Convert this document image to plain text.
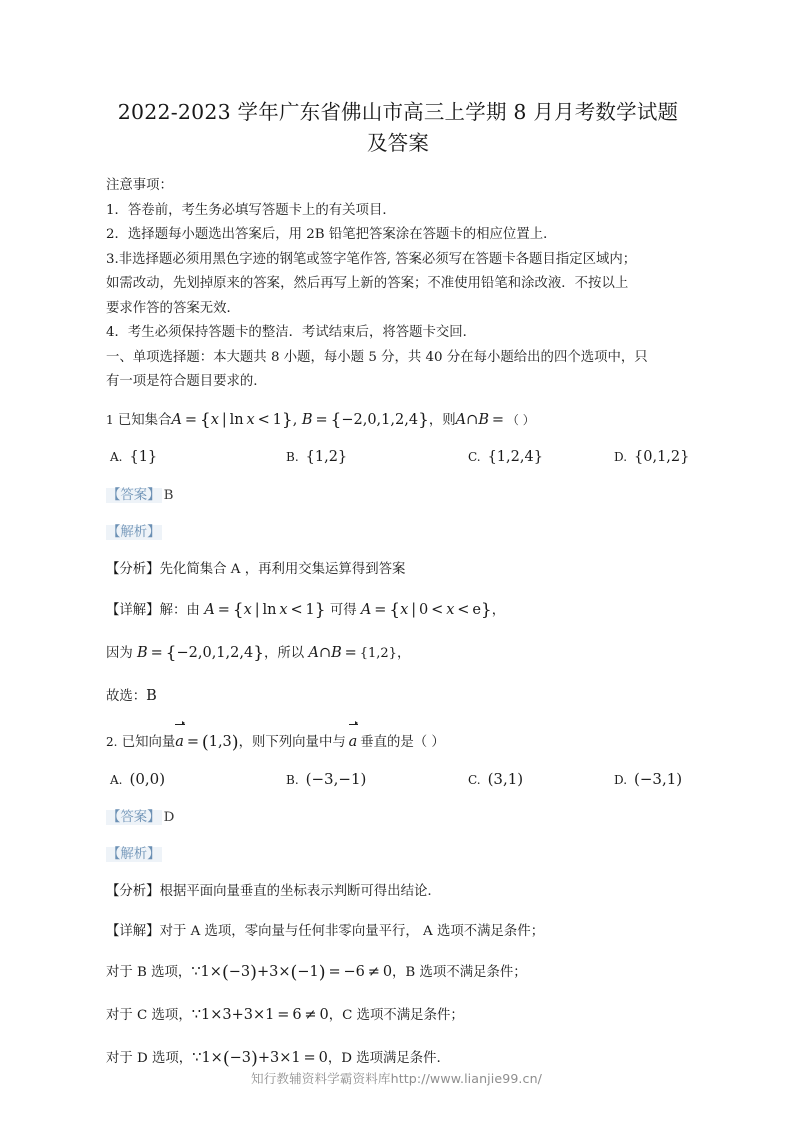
2022-2023 学年广东省佛山市高三上学期 8 月月考数学试题
及答案

注意事项：

1．答卷前，考生务必填写答题卡上的有关项目．

2．选择题每小题选出答案后，用 2B 铅笔把答案涂在答题卡的相应位置上．

3.非选择题必须用黑色字迹的钢笔或签字笔作答, 答案必须写在答题卡各题目指定区域内；

如需改动，先划掉原来的答案，然后再写上新的答案；不准使用铅笔和涂改液．不按以上

要求作答的答案无效．

4．考生必须保持答题卡的整洁．考试结束后，将答题卡交回．

一、单项选择题：本大题共 8 小题，每小题 5 分，共 40 分在每小题给出的四个选项中，只

有一项是符合题目要求的.

1 已知集合A = {x | ln x < 1}, B = {−2,0,1,2,4}，则A∩B = （ ）
A. {1}	B. {1,2}	C. {1,2,4}	D. {0,1,2}

【答案】 B

【解析】

【分析】先化简集合 A ，再利用交集运算得到答案

【详解】解：由 A = {x | ln x < 1} 可得 A = {x | 0 < x < e}，

因为 B = {−2,0,1,2,4}，所以 A∩B = {1,2}，

故选：B

2. 已知向量a = (1,3)，则下列向量中与  a  垂直的是（ ）
A. (0,0)	B. (−3,−1)	C. (3,1)	D. (−3,1)

【答案】 D

【解析】

【分析】根据平面向量垂直的坐标表示判断可得出结论.

【详解】对于 A 选项，零向量与任何非零向量平行， A 选项不满足条件；

对于 B 选项，∵1×(−3)+3×(−1) = −6 ≠ 0，B 选项不满足条件；

对于 C 选项，∵1×3+3×1 = 6 ≠ 0，C 选项不满足条件；

对于 D 选项，∵1×(−3)+3×1 = 0，D 选项满足条件.

知行教辅资料学霸资料库http://www.lianjie99.cn/
